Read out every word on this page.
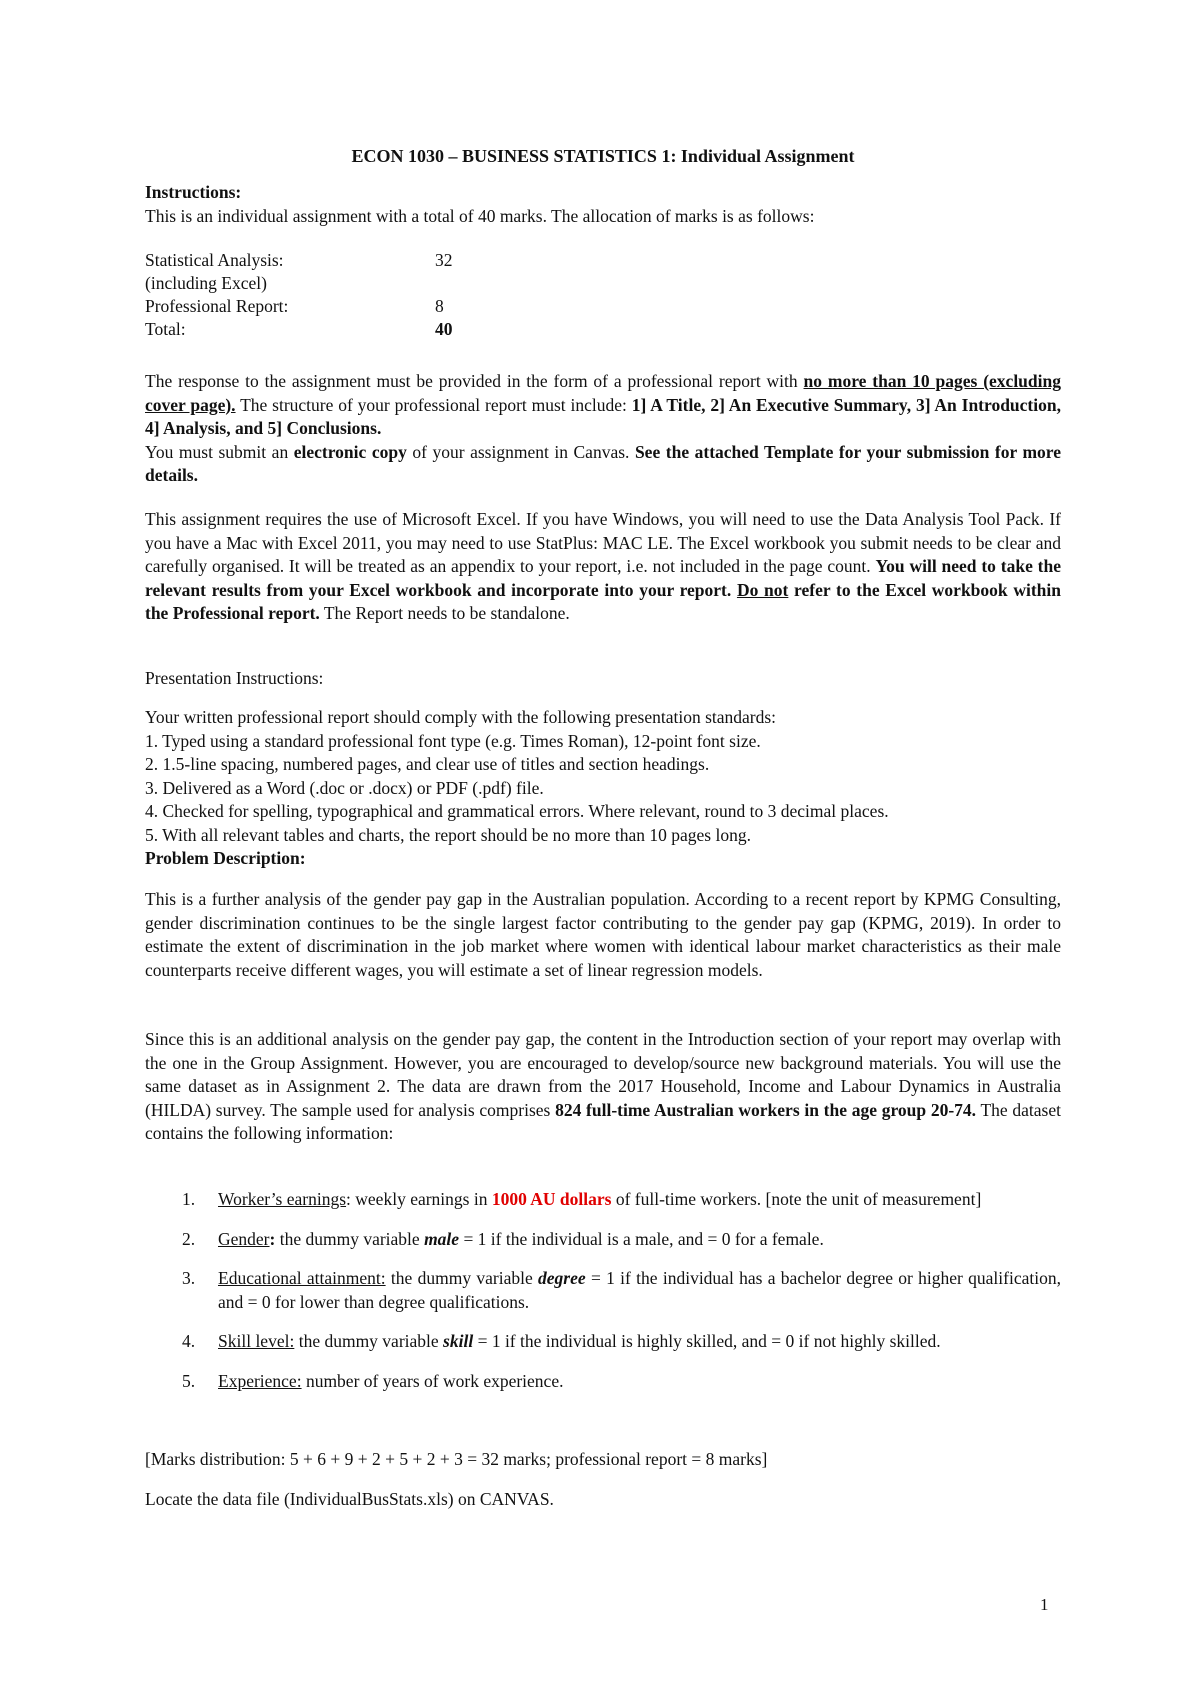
ECON 1030 – BUSINESS STATISTICS 1: Individual Assignment
Instructions:
This is an individual assignment with a total of 40 marks. The allocation of marks is as follows:
Statistical Analysis:	32
(including Excel)
Professional Report:	8
Total:	40
The response to the assignment must be provided in the form of a professional report with no more than 10 pages (excluding cover page). The structure of your professional report must include: 1] A Title, 2] An Executive Summary, 3] An Introduction, 4] Analysis, and 5] Conclusions.
You must submit an electronic copy of your assignment in Canvas. See the attached Template for your submission for more details.
This assignment requires the use of Microsoft Excel. If you have Windows, you will need to use the Data Analysis Tool Pack. If you have a Mac with Excel 2011, you may need to use StatPlus: MAC LE. The Excel workbook you submit needs to be clear and carefully organised. It will be treated as an appendix to your report, i.e. not included in the page count. You will need to take the relevant results from your Excel workbook and incorporate into your report. Do not refer to the Excel workbook within the Professional report. The Report needs to be standalone.
Presentation Instructions:
Your written professional report should comply with the following presentation standards:
1. Typed using a standard professional font type (e.g. Times Roman), 12-point font size.
2. 1.5-line spacing, numbered pages, and clear use of titles and section headings.
3. Delivered as a Word (.doc or .docx) or PDF (.pdf) file.
4. Checked for spelling, typographical and grammatical errors. Where relevant, round to 3 decimal places.
5. With all relevant tables and charts, the report should be no more than 10 pages long.
Problem Description:
This is a further analysis of the gender pay gap in the Australian population. According to a recent report by KPMG Consulting, gender discrimination continues to be the single largest factor contributing to the gender pay gap (KPMG, 2019). In order to estimate the extent of discrimination in the job market where women with identical labour market characteristics as their male counterparts receive different wages, you will estimate a set of linear regression models.
Since this is an additional analysis on the gender pay gap, the content in the Introduction section of your report may overlap with the one in the Group Assignment. However, you are encouraged to develop/source new background materials. You will use the same dataset as in Assignment 2. The data are drawn from the 2017 Household, Income and Labour Dynamics in Australia (HILDA) survey. The sample used for analysis comprises 824 full-time Australian workers in the age group 20-74. The dataset contains the following information:
1. Worker’s earnings: weekly earnings in 1000 AU dollars of full-time workers. [note the unit of measurement]
2. Gender: the dummy variable male = 1 if the individual is a male, and = 0 for a female.
3. Educational attainment: the dummy variable degree = 1 if the individual has a bachelor degree or higher qualification, and = 0 for lower than degree qualifications.
4. Skill level: the dummy variable skill = 1 if the individual is highly skilled, and = 0 if not highly skilled.
5. Experience: number of years of work experience.
[Marks distribution: 5 + 6 + 9 + 2 + 5 + 2 + 3 = 32 marks; professional report = 8 marks]
Locate the data file (IndividualBusStats.xls) on CANVAS.
1
